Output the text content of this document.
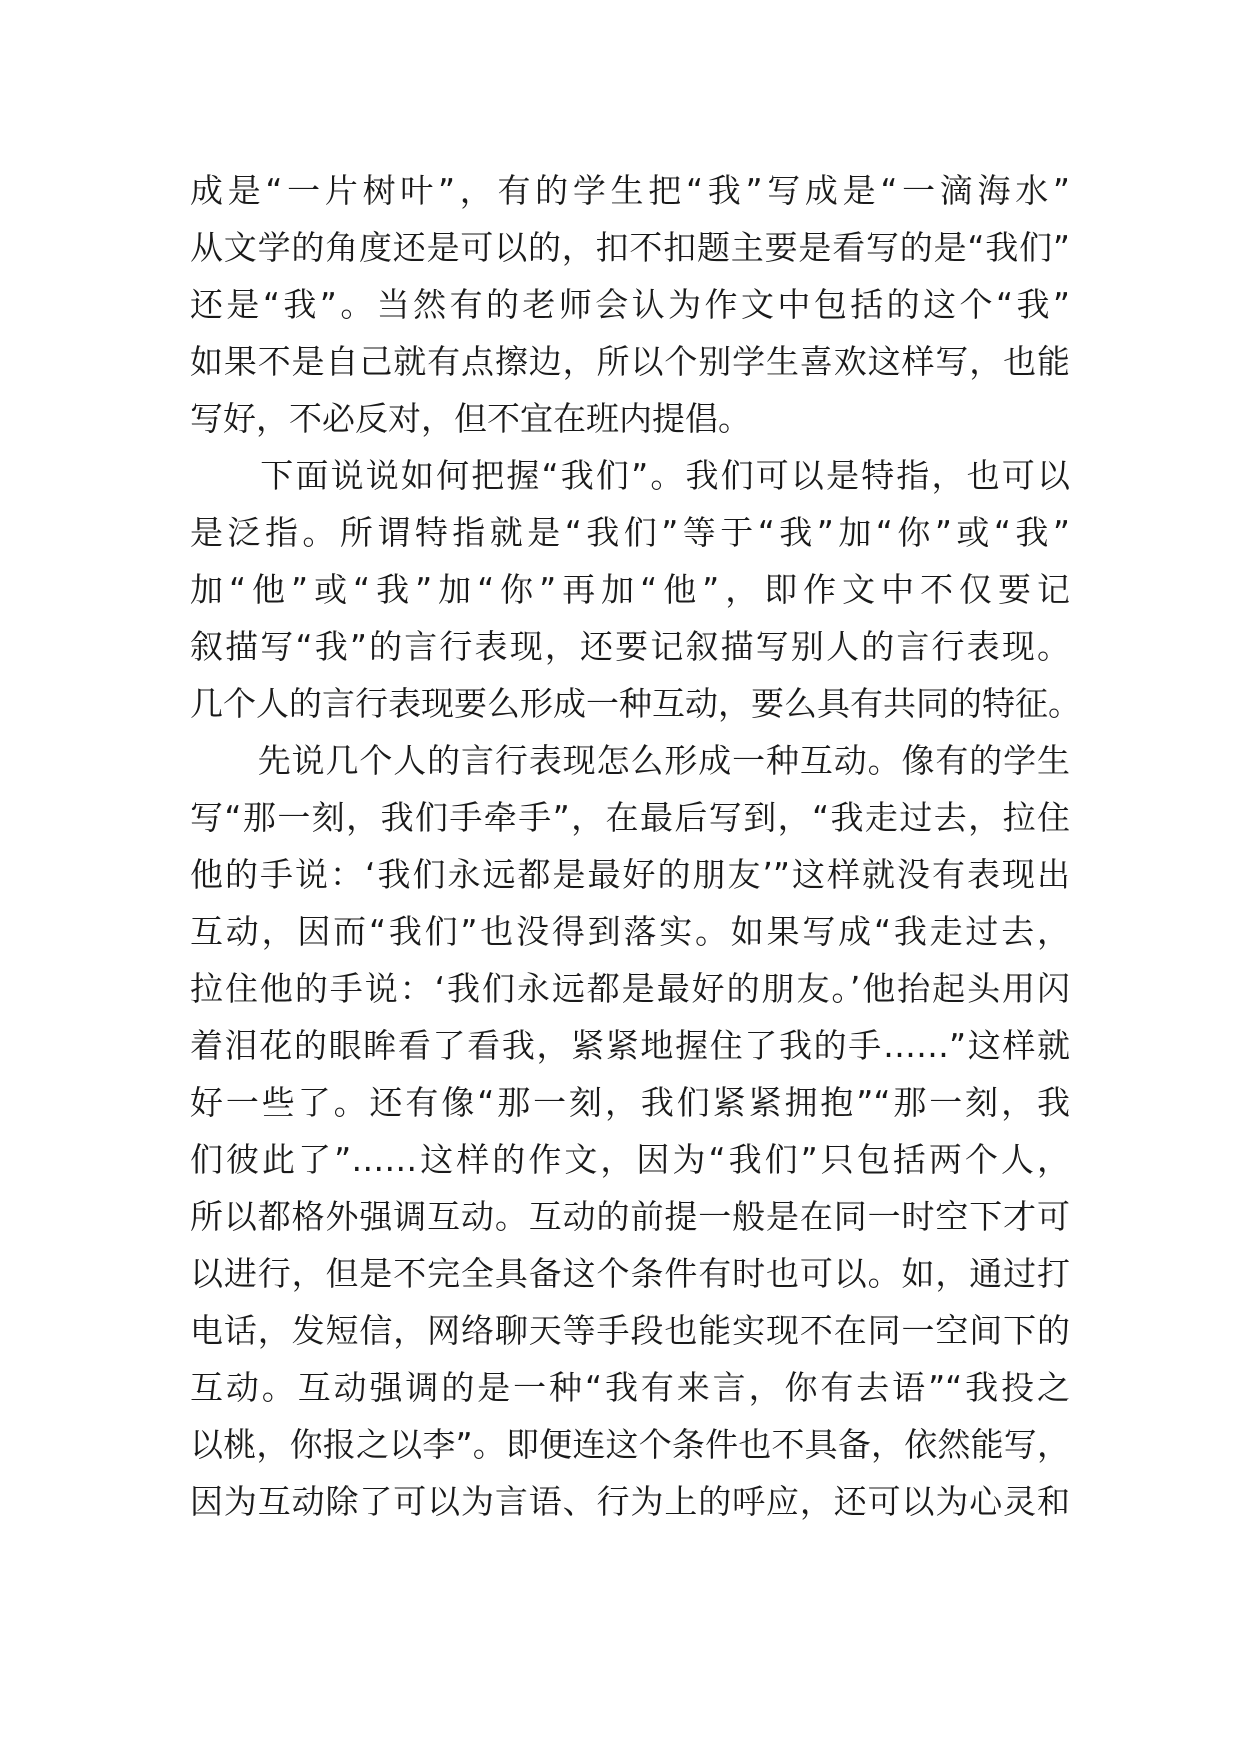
成是“一片树叶”，有的学生把“我”写成是“一滴海水”
从文学的角度还是可以的，扣不扣题主要是看写的是“我们”
还是“我”。当然有的老师会认为作文中包括的这个“我”
如果不是自己就有点擦边，所以个别学生喜欢这样写，也能
写好，不必反对，但不宜在班内提倡。
　　下面说说如何把握“我们”。我们可以是特指，也可以
是泛指。所谓特指就是“我们”等于“我”加“你”或“我”
加“他”或“我”加“你”再加“他”，即作文中不仅要记
叙描写“我”的言行表现，还要记叙描写别人的言行表现。
几个人的言行表现要么形成一种互动，要么具有共同的特征。
　　先说几个人的言行表现怎么形成一种互动。像有的学生
写“那一刻，我们手牵手”，在最后写到，“我走过去，拉住
他的手说：‘我们永远都是最好的朋友’”这样就没有表现出
互动，因而“我们”也没得到落实。如果写成“我走过去，
拉住他的手说：‘我们永远都是最好的朋友。’他抬起头用闪
着泪花的眼眸看了看我，紧紧地握住了我的手……”这样就
好一些了。还有像“那一刻，我们紧紧拥抱”“那一刻，我
们彼此了”……这样的作文，因为“我们”只包括两个人，
所以都格外强调互动。互动的前提一般是在同一时空下才可
以进行，但是不完全具备这个条件有时也可以。如，通过打
电话，发短信，网络聊天等手段也能实现不在同一空间下的
互动。互动强调的是一种“我有来言，你有去语”“我投之
以桃，你报之以李”。即便连这个条件也不具备，依然能写，
因为互动除了可以为言语、行为上的呼应，还可以为心灵和
